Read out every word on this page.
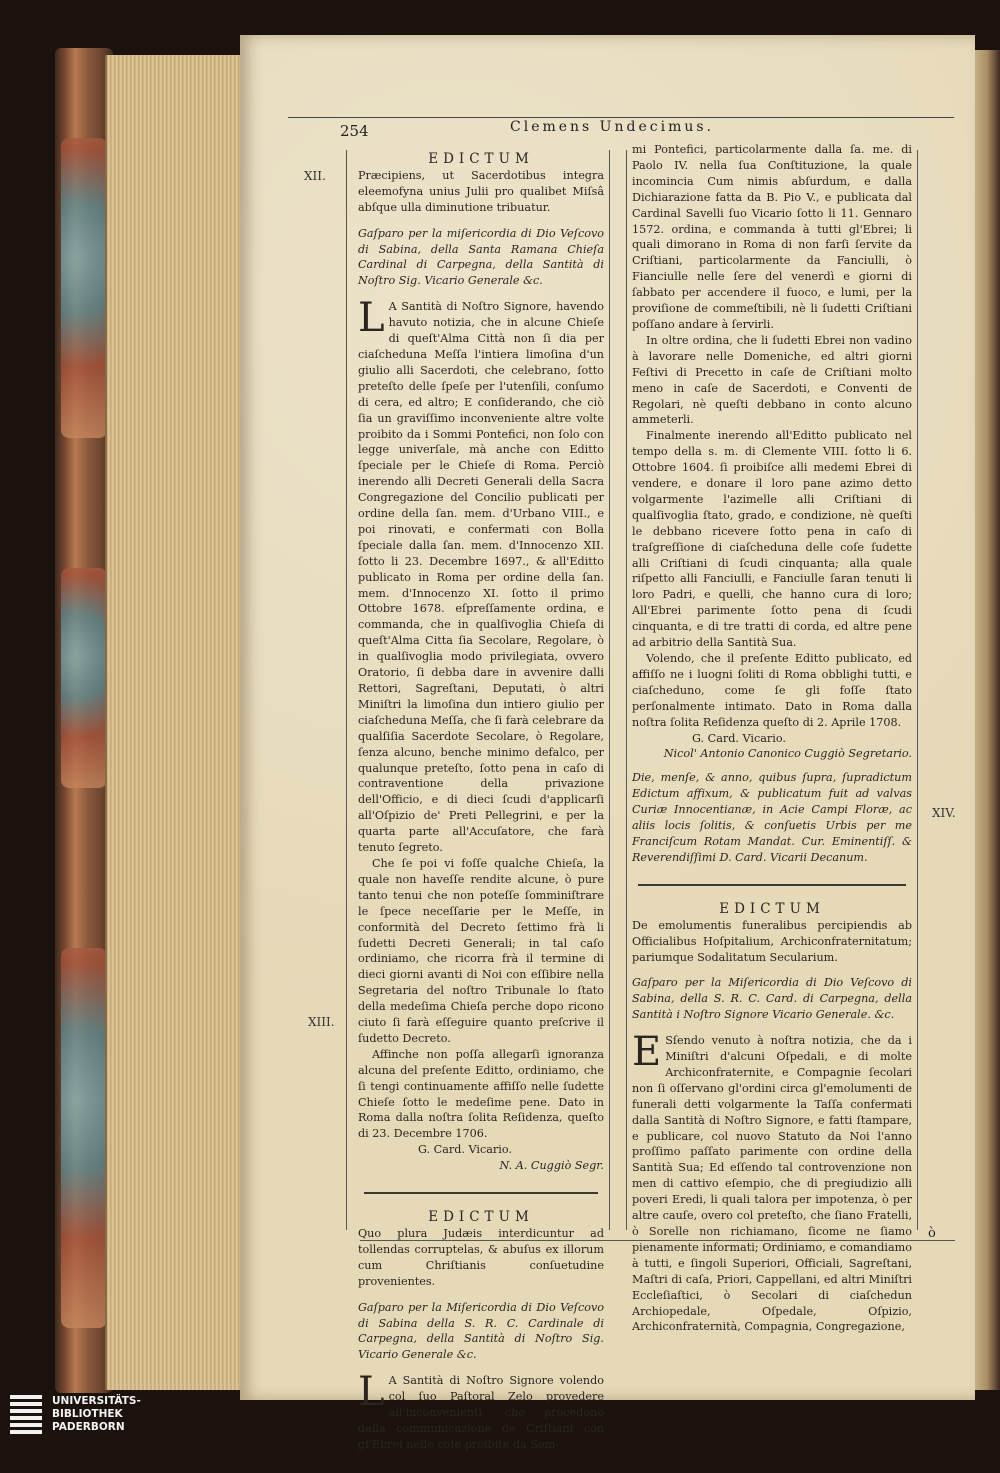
254	Clemens Undecimus.
XII.
XIII.
XIV.

EDICTUM

Præcipiens, ut Sacerdotibus integra eleemofyna unius Julii pro qualibet Miſsâ abſque ulla diminutione tribuatur.

Gaſparo per la miſericordia di Dio Veſcovo di Sabina, della Santa Ramana Chieſa Cardinal di Carpegna, della Santità di Noſtro Sig. Vicario Generale &c.

L A Santità di Noſtro Signore, havendo havuto notizia, che in alcune Chieſe di queſt'Alma Città non ſi dia per ciaſcheduna Meſſa l'intiera limoſina d'un giulio alli Sacerdoti, che celebrano, ſotto preteſto delle ſpeſe per l'utenſili, conſumo di cera, ed altro; E conſiderando, che ciò ſia un graviſſimo inconveniente altre volte proibito da i Sommi Pontefici, non ſolo con legge univerſale, mà anche con Editto ſpeciale per le Chieſe di Roma. Perciò inerendo alli Decreti Generali della Sacra Congregazione del Concilio publicati per ordine della ſan. mem. d'Urbano VIII., e poi rinovati, e confermati con Bolla ſpeciale dalla ſan. mem. d'Innocenzo XII. ſotto li 23. Decembre 1697., & all'Editto publicato in Roma per ordine della ſan. mem. d'Innocenzo XI. ſotto il primo Ottobre 1678. eſpreſſamente ordina, e commanda, che in qualſivoglia Chieſa di queſt'Alma Citta ſia Secolare, Regolare, ò in qualſivoglia modo privilegiata, ovvero Oratorio, ſi debba dare in avvenire dalli Rettori, Sagreſtani, Deputati, ò altri Miniſtri la limoſina dun intiero giulio per ciaſcheduna Meſſa, che ſi farà celebrare da qualſiſia Sacerdote Secolare, ò Regolare, ſenza alcuno, benche minimo defalco, per qualunque preteſto, ſotto pena in caſo di contraventione della privazione dell'Officio, e di dieci ſcudi d'applicarſi all'Oſpizio de' Preti Pellegrini, e per la quarta parte all'Accuſatore, che farà tenuto ſegreto.

Che ſe poi vi foſſe qualche Chieſa, la quale non haveſſe rendite alcune, ò pure tanto tenui che non poteſſe ſomminiſtrare le ſpece neceſſarie per le Meſſe, in conformità del Decreto ſettimo frà li ſudetti Decreti Generali; in tal caſo ordiniamo, che ricorra frà il termine di dieci giorni avanti di Noi con eſſibire nella Segretaria del noſtro Tribunale lo ſtato della medeſima Chieſa perche dopo ricono ciuto ſi farà eſſeguire quanto preſcrive il ſudetto Decreto.

Affinche non poſſa allegarſi ignoranza alcuna del preſente Editto, ordiniamo, che ſi tengi continuamente affiſſo nelle ſudette Chieſe ſotto le medeſime pene. Dato in Roma dalla noſtra ſolita Reſidenza, queſto di 23. Decembre 1706.

G. Card. Vicario.

N. A. Cuggiò Segr.

EDICTUM

Quo plura Judæis interdicuntur ad tollendas corruptelas, & abuſus ex illorum cum Chriſtianis conſuetudine provenientes.

Gaſparo per la Miſericordia di Dio Veſcovo di Sabina della S. R. C. Cardinale di Carpegna, della Santità di Noſtro Sig. Vicario Generale &c.

L A Santità di Noſtro Signore volendo col ſuo Paſtoral Zelo provedere all'inconvenienti, che procedono dalla communicazione de Criſtiani con gl'Ebrei nelle coſe proibite da Som-

mi Pontefici, particolarmente dalla ſa. me. di Paolo IV. nella ſua Conſtituzione, la quale incomincia Cum nimis abſurdum, e dalla Dichiarazione fatta da B. Pio V., e publicata dal Cardinal Savelli ſuo Vicario ſotto li 11. Gennaro 1572. ordina, e commanda à tutti gl'Ebrei; li quali dimorano in Roma di non farſi ſervite da Criſtiani, particolarmente da Fanciulli, ò Fianciulle nelle ſere del venerdì e giorni di ſabbato per accendere il fuoco, e lumi, per la proviſione de commeſtibili, nè li ſudetti Criſtiani poſſano andare à ſervirli.

In oltre ordina, che li ſudetti Ebrei non vadino à lavorare nelle Domeniche, ed altri giorni Feſtivi di Precetto in caſe de Criſtiani molto meno in caſe de Sacerdoti, e Conventi de Regolari, nè queſti debbano in conto alcuno ammeterli.

Finalmente inerendo all'Editto publicato nel tempo della s. m. di Clemente VIII. ſotto li 6. Ottobre 1604. ſi proibiſce alli medemi Ebrei di vendere, e donare il loro pane azimo detto volgarmente l'azimelle alli Criſtiani di qualſivoglia ſtato, grado, e condizione, nè queſti le debbano ricevere ſotto pena in caſo di traſgreſſione di ciaſcheduna delle coſe ſudette alli Criſtiani di ſcudi cinquanta; alla quale riſpetto alli Fanciulli, e Fanciulle ſaran tenuti li loro Padri, e quelli, che hanno cura di loro; All'Ebrei parimente ſotto pena di ſcudi cinquanta, e di tre tratti di corda, ed altre pene ad arbitrio della Santità Sua.

Volendo, che il preſente Editto publicato, ed affiſſo ne i luogni ſoliti di Roma obblighi tutti, e ciaſcheduno, come ſe gli foſſe ſtato perſonalmente intimato. Dato in Roma dalla noſtra ſolita Reſidenza queſto di 2. Aprile 1708.

G. Card. Vicario.

Nicol' Antonio Canonico Cuggiò Segretario.

Die, menſe, & anno, quibus ſupra, ſupradictum Edictum affixum, & publicatum fuit ad valvas Curiæ Innocentianæ, in Acie Campi Floræ, ac aliis locis ſolitis, & conſuetis Urbis per me Franciſcum Rotam Mandat. Cur. Eminentiſſ. & Reverendiſſimi D. Card. Vicarii Decanum.

EDICTUM

De emolumentis funeralibus percipiendis ab Officialibus Hoſpitalium, Archiconfraternitatum; pariumque Sodalitatum Secularium.

Gaſparo per la Miſericordia di Dio Veſcovo di Sabina, della S. R. C. Card. di Carpegna, della Santità i Noſtro Signore Vicario Generale. &c.

E Sſendo venuto à noſtra notizia, che da i Miniſtri d'alcuni Oſpedali, e di molte Archiconfraternite, e Compagnie ſecolari non ſi oſſervano gl'ordini circa gl'emolumenti de funerali detti volgarmente la Taſſa confermati dalla Santità di Noſtro Signore, e fatti ſtampare, e publicare, col nuovo Statuto da Noi l'anno proſſimo paſſato parimente con ordine della Santità Sua; Ed eſſendo tal controvenzione non men di cattivo eſempio, che di pregiudizio alli poveri Eredi, li quali talora per impotenza, ò per altre cauſe, overo col preteſto, che ſiano Fratelli, ò Sorelle non richiamano, ſicome ne ſiamo pienamente informati; Ordiniamo, e comandiamo à tutti, e ſingoli Superiori, Officiali, Sagreſtani, Maſtri di caſa, Priori, Cappellani, ed altri Miniſtri Eccleſiaſtici, ò Secolari di ciaſchedun Archiopedale, Oſpedale, Oſpizio, Archiconfraternità, Compagnia, Congregazione,

ò
UNIVERSITÄTS-
BIBLIOTHEK
PADERBORN
